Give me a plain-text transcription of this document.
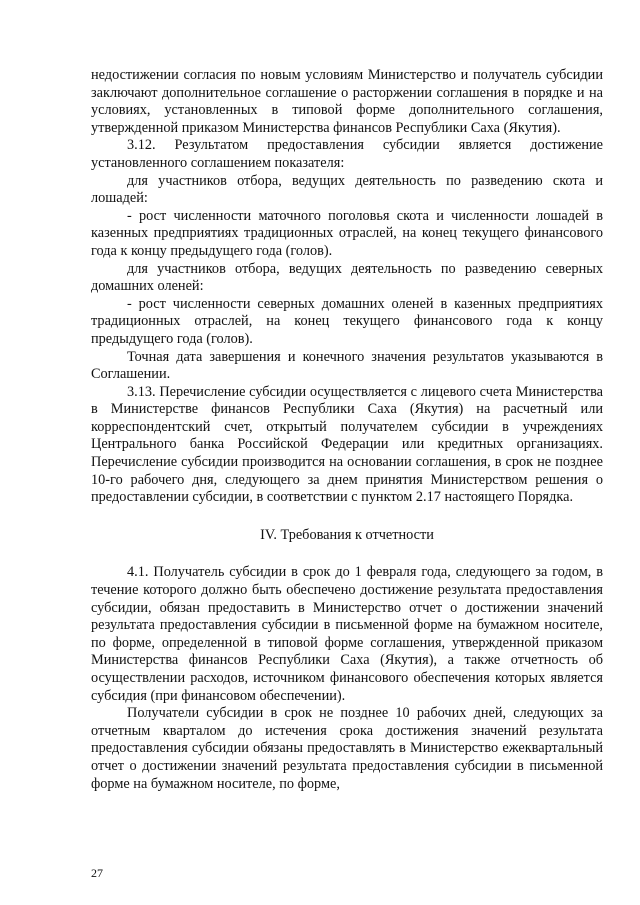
недостижении согласия по новым условиям Министерство и получатель субсидии заключают дополнительное соглашение о расторжении соглашения в порядке и на условиях, установленных в типовой форме дополнительного соглашения, утвержденной приказом Министерства финансов Республики Саха (Якутия).

3.12. Результатом предоставления субсидии является достижение установленного соглашением показателя:

для участников отбора, ведущих деятельность по разведению скота и лошадей:

- рост численности маточного поголовья скота и численности лошадей в казенных предприятиях традиционных отраслей, на конец текущего финансового года к концу предыдущего года (голов).

для участников отбора, ведущих деятельность по разведению северных домашних оленей:

- рост численности северных домашних оленей в казенных предприятиях традиционных отраслей, на конец текущего финансового года к концу предыдущего года (голов).

Точная дата завершения и конечного значения результатов указываются в Соглашении.

3.13. Перечисление субсидии осуществляется с лицевого счета Министерства в Министерстве финансов Республики Саха (Якутия) на расчетный или корреспондентский счет, открытый получателем субсидии в учреждениях Центрального банка Российской Федерации или кредитных организациях. Перечисление субсидии производится на основании соглашения, в срок не позднее 10-го рабочего дня, следующего за днем принятия Министерством решения о предоставлении субсидии, в соответствии с пунктом 2.17 настоящего Порядка.

IV. Требования к отчетности

4.1. Получатель субсидии в срок до 1 февраля года, следующего за годом, в течение которого должно быть обеспечено достижение результата предоставления субсидии, обязан предоставить в Министерство отчет о достижении значений результата предоставления субсидии в письменной форме на бумажном носителе, по форме, определенной в типовой форме соглашения, утвержденной приказом Министерства финансов Республики Саха (Якутия), а также отчетность об осуществлении расходов, источником финансового обеспечения которых является субсидия (при финансовом обеспечении).

Получатели субсидии в срок не позднее 10 рабочих дней, следующих за отчетным кварталом до истечения срока достижения значений результата предоставления субсидии обязаны предоставлять в Министерство ежеквартальный отчет о достижении значений результата предоставления субсидии в письменной форме на бумажном носителе, по форме,

27
